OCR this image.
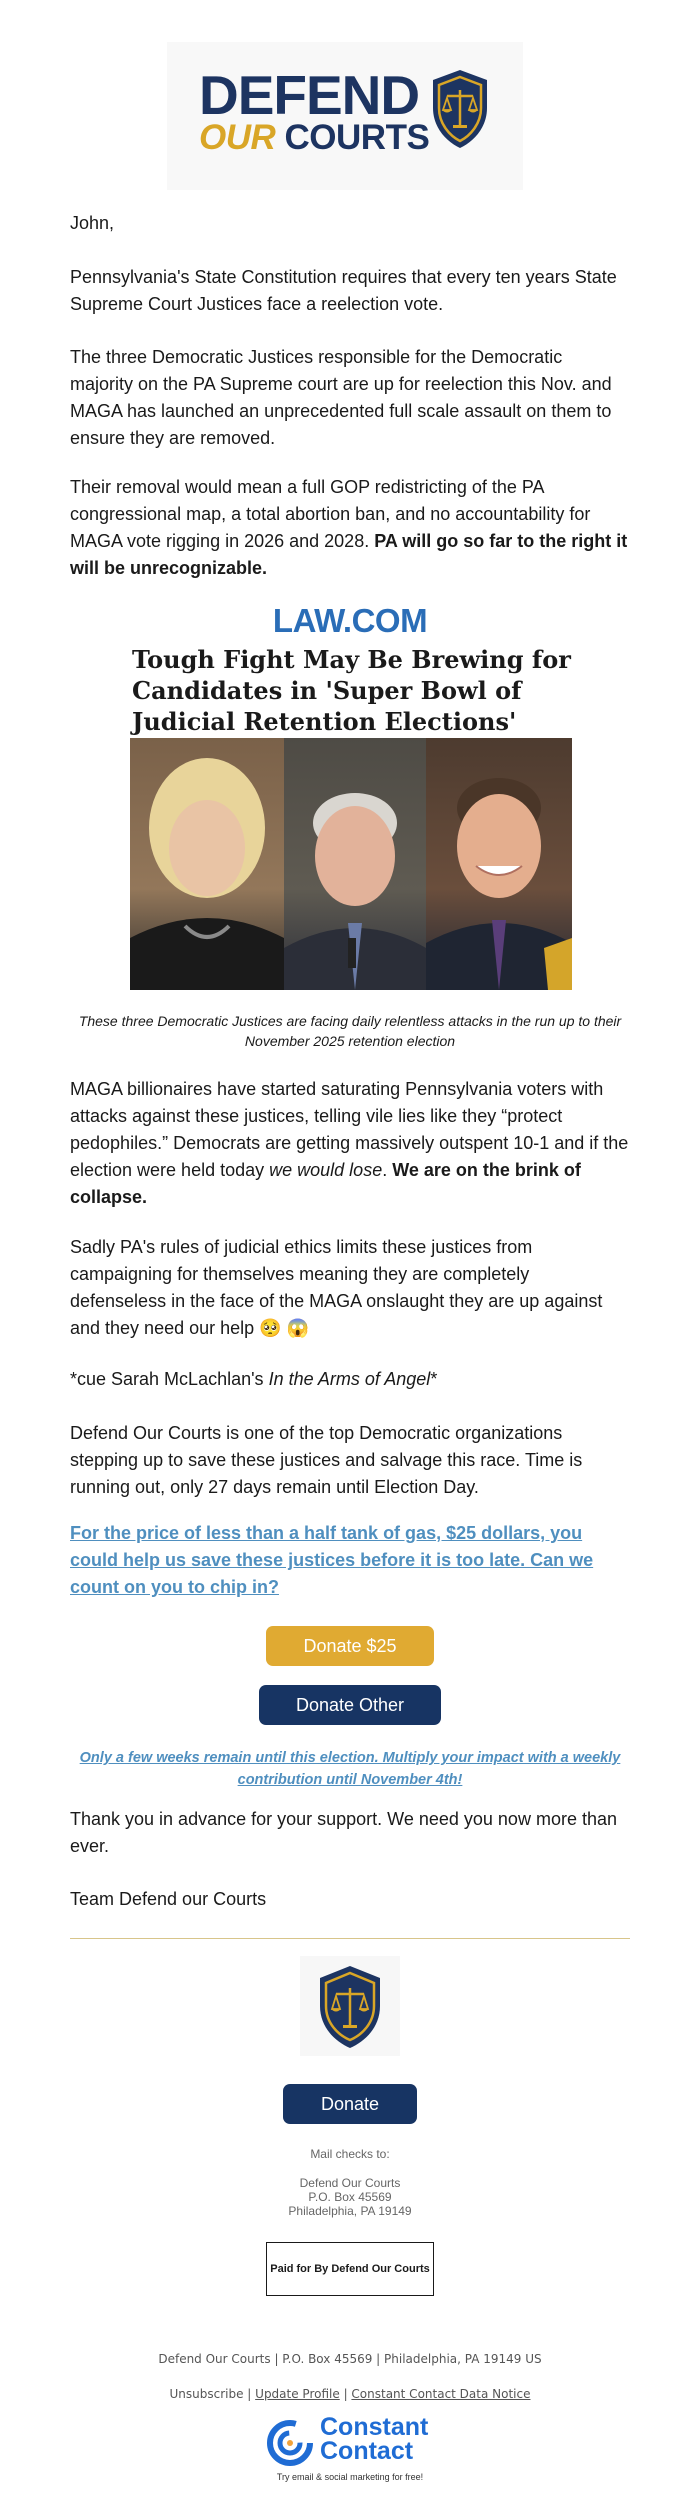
DEFEND
OUR COURTS
John,
Pennsylvania's State Constitution requires that every ten years State Supreme Court Justices face a reelection vote.
The three Democratic Justices responsible for the Democratic majority on the PA Supreme court are up for reelection this Nov. and MAGA has launched an unprecedented full scale assault on them to ensure they are removed.
Their removal would mean a full GOP redistricting of the PA congressional map, a total abortion ban, and no accountability for MAGA vote rigging in 2026 and 2028. PA will go so far to the right it will be unrecognizable.
LAW.COM
Tough Fight May Be Brewing for Candidates in 'Super Bowl of Judicial Retention Elections'
These three Democratic Justices are facing daily relentless attacks in the run up to their November 2025 retention election
MAGA billionaires have started saturating Pennsylvania voters with attacks against these justices, telling vile lies like they “protect pedophiles.” Democrats are getting massively outspent 10-1 and if the election were held today we would lose. We are on the brink of collapse.
Sadly PA's rules of judicial ethics limits these justices from campaigning for themselves meaning they are completely defenseless in the face of the MAGA onslaught they are up against and they need our help 🥺 😱
*cue Sarah McLachlan's In the Arms of Angel*
Defend Our Courts is one of the top Democratic organizations stepping up to save these justices and salvage this race. Time is running out, only 27 days remain until Election Day.
For the price of less than a half tank of gas, $25 dollars, you could help us save these justices before it is too late. Can we count on you to chip in?
Donate $25
Donate Other
Only a few weeks remain until this election. Multiply your impact with a weekly contribution until November 4th!
Thank you in advance for your support. We need you now more than ever.
Team Defend our Courts
Donate
Mail checks to:
Defend Our Courts
P.O. Box 45569
Philadelphia, PA 19149
Paid for By Defend Our Courts
Defend Our Courts | P.O. Box 45569 | Philadelphia, PA 19149 US
Unsubscribe | Update Profile | Constant Contact Data Notice
Constant
Contact
Try email & social marketing for free!
